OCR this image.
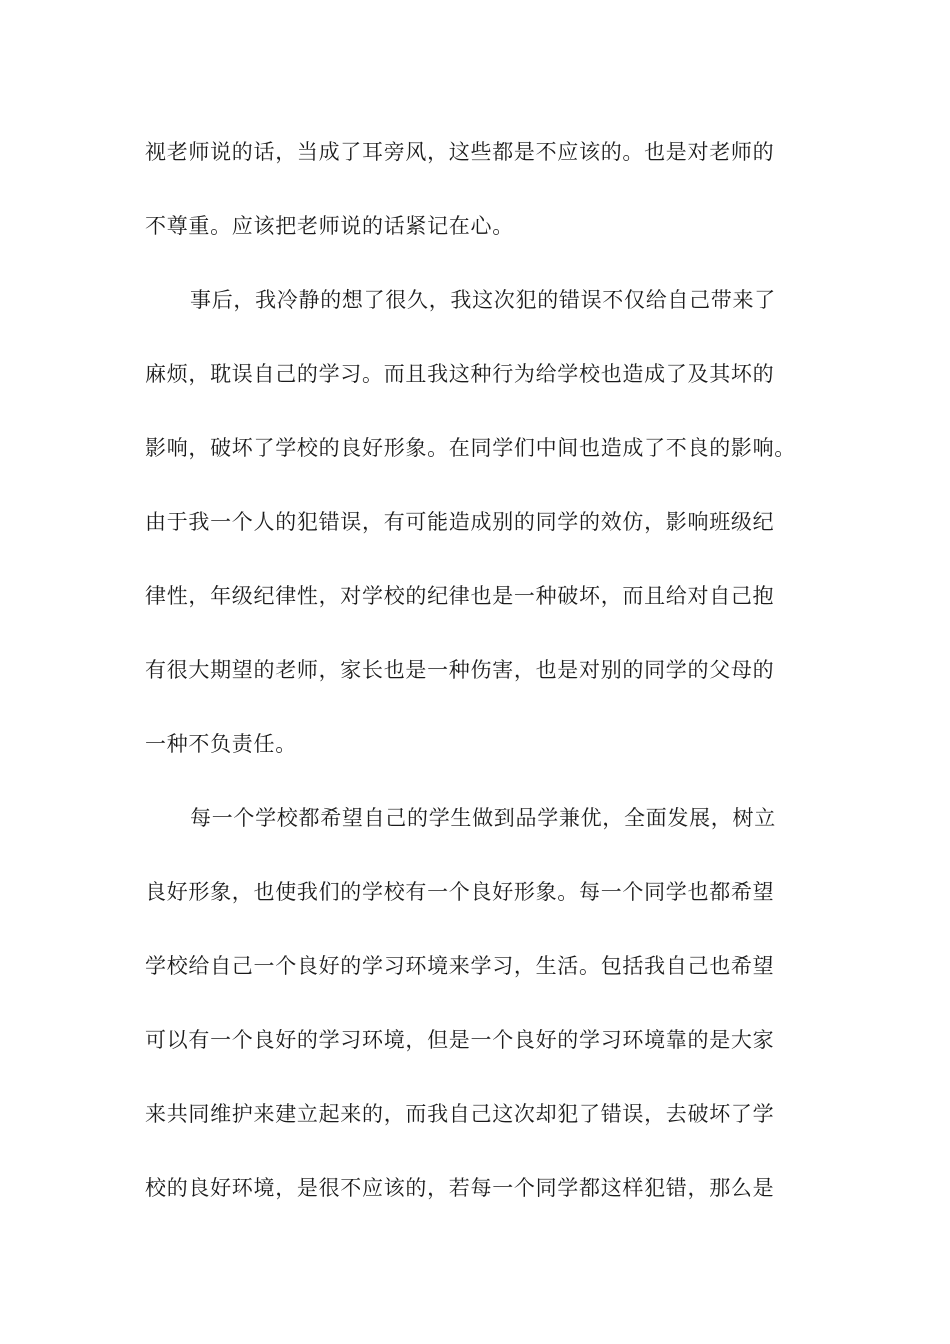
视老师说的话，当成了耳旁风，这些都是不应该的。也是对老师的
不尊重。应该把老师说的话紧记在心。
事后，我冷静的想了很久，我这次犯的错误不仅给自己带来了
麻烦，耽误自己的学习。而且我这种行为给学校也造成了及其坏的
影响，破坏了学校的良好形象。在同学们中间也造成了不良的影响。
由于我一个人的犯错误，有可能造成别的同学的效仿，影响班级纪
律性，年级纪律性，对学校的纪律也是一种破坏，而且给对自己抱
有很大期望的老师，家长也是一种伤害，也是对别的同学的父母的
一种不负责任。
每一个学校都希望自己的学生做到品学兼优，全面发展，树立
良好形象，也使我们的学校有一个良好形象。每一个同学也都希望
学校给自己一个良好的学习环境来学习，生活。包括我自己也希望
可以有一个良好的学习环境，但是一个良好的学习环境靠的是大家
来共同维护来建立起来的，而我自己这次却犯了错误，去破坏了学
校的良好环境，是很不应该的，若每一个同学都这样犯错，那么是
